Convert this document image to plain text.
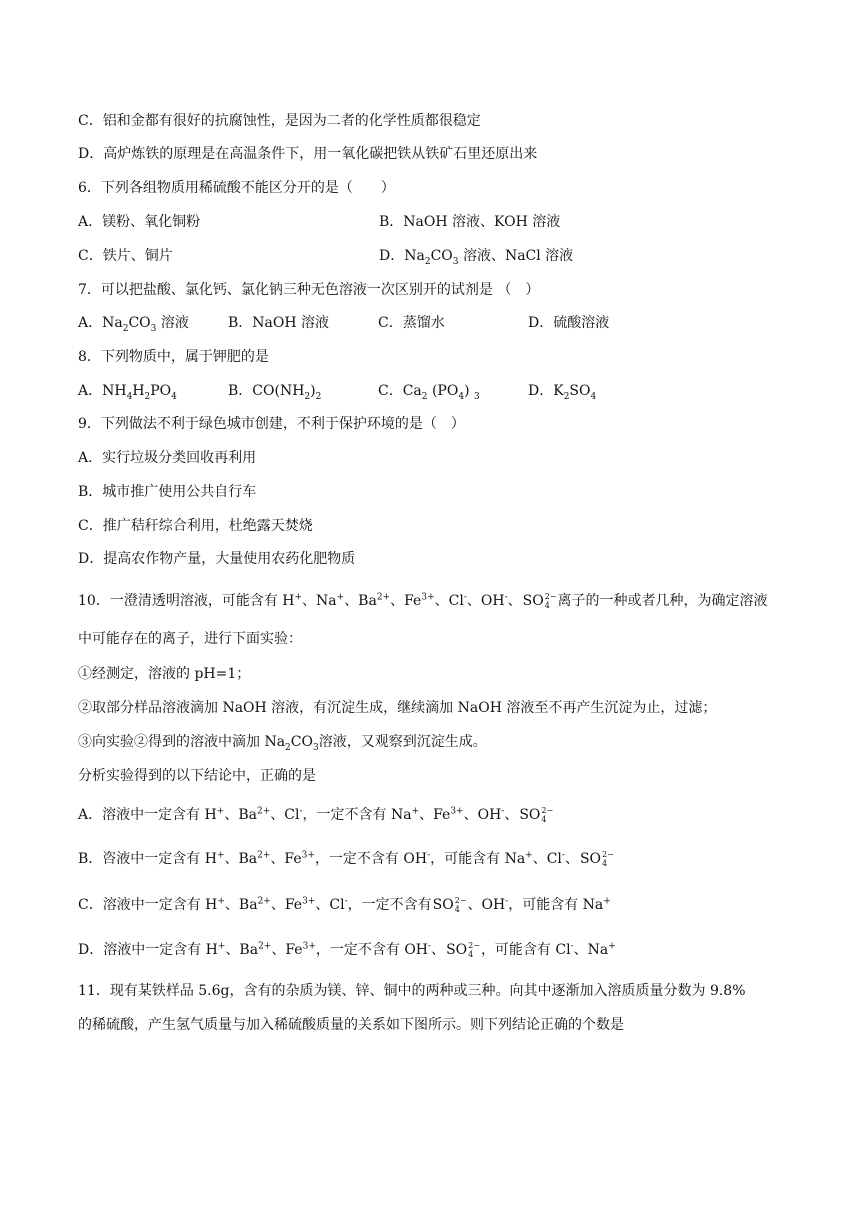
C．铝和金都有很好的抗腐蚀性，是因为二者的化学性质都很稳定
D．高炉炼铁的原理是在高温条件下，用一氧化碳把铁从铁矿石里还原出来
6．下列各组物质用稀硫酸不能区分开的是（　　）
A．镁粉、氧化铜粉	B．NaOH 溶液、KOH 溶液
C．铁片、铜片	D．$Na_2CO_3$ 溶液、NaCl 溶液
7．可以把盐酸、氯化钙、氯化钠三种无色溶液一次区别开的试剂是 （　）
A．$Na_2CO_3$ 溶液	B．NaOH 溶液	C．蒸馏水	D．硫酸溶液
8．下列物质中，属于钾肥的是
A．$NH_4H_2PO_4$	B．$CO(NH_2)_2$	C．$Ca_2$ $(PO_4)$ $_3$	D．$K_2SO_4$
9．下列做法不利于绿色城市创建，不利于保护环境的是（　）
A．实行垃圾分类回收再利用
B．城市推广使用公共自行车
C．推广秸秆综合利用，杜绝露天焚烧
D．提高农作物产量，大量使用农药化肥物质
10．一澄清透明溶液，可能含有 H+、Na+、$Ba^{2+}$、$Fe^{3+}$、Cl-、OH-、 SO 2−
4 离子的一种或者几种，为确定溶液
中可能存在的离子，进行下面实验：
①经测定，溶液的 pH=1；
②取部分样品溶液滴加 NaOH 溶液，有沉淀生成，继续滴加 NaOH 溶液至不再产生沉淀为止，过滤；
③向实验②得到的溶液中滴加 $Na_2CO_3$溶液，又观察到沉淀生成。
分析实验得到的以下结论中，正确的是
A．溶液中一定含有 H+、$Ba^{2+}$、Cl-，一定不含有 Na+、$Fe^{3+}$、OH-、 SO 2−
4
B．咨液中一定含有 H+、$Ba^{2+}$、$Fe^{3+}$，一定不含有 OH-，可能含有 Na+、Cl-、 SO 2−
4
C．溶液中一定含有 H+、$Ba^{2+}$、$Fe^{3+}$、Cl-，一定不含有 SO 2−
4 、OH-，可能含有 Na+
D．溶液中一定含有 H+、$Ba^{2+}$、$Fe^{3+}$，一定不含有 OH-、 SO 2−
4 ，可能含有 Cl-、Na+
11．现有某铁样品 5.6g，含有的杂质为镁、锌、铜中的两种或三种。向其中逐渐加入溶质质量分数为 9.8%
的稀硫酸，产生氢气质量与加入稀硫酸质量的关系如下图所示。则下列结论正确的个数是
